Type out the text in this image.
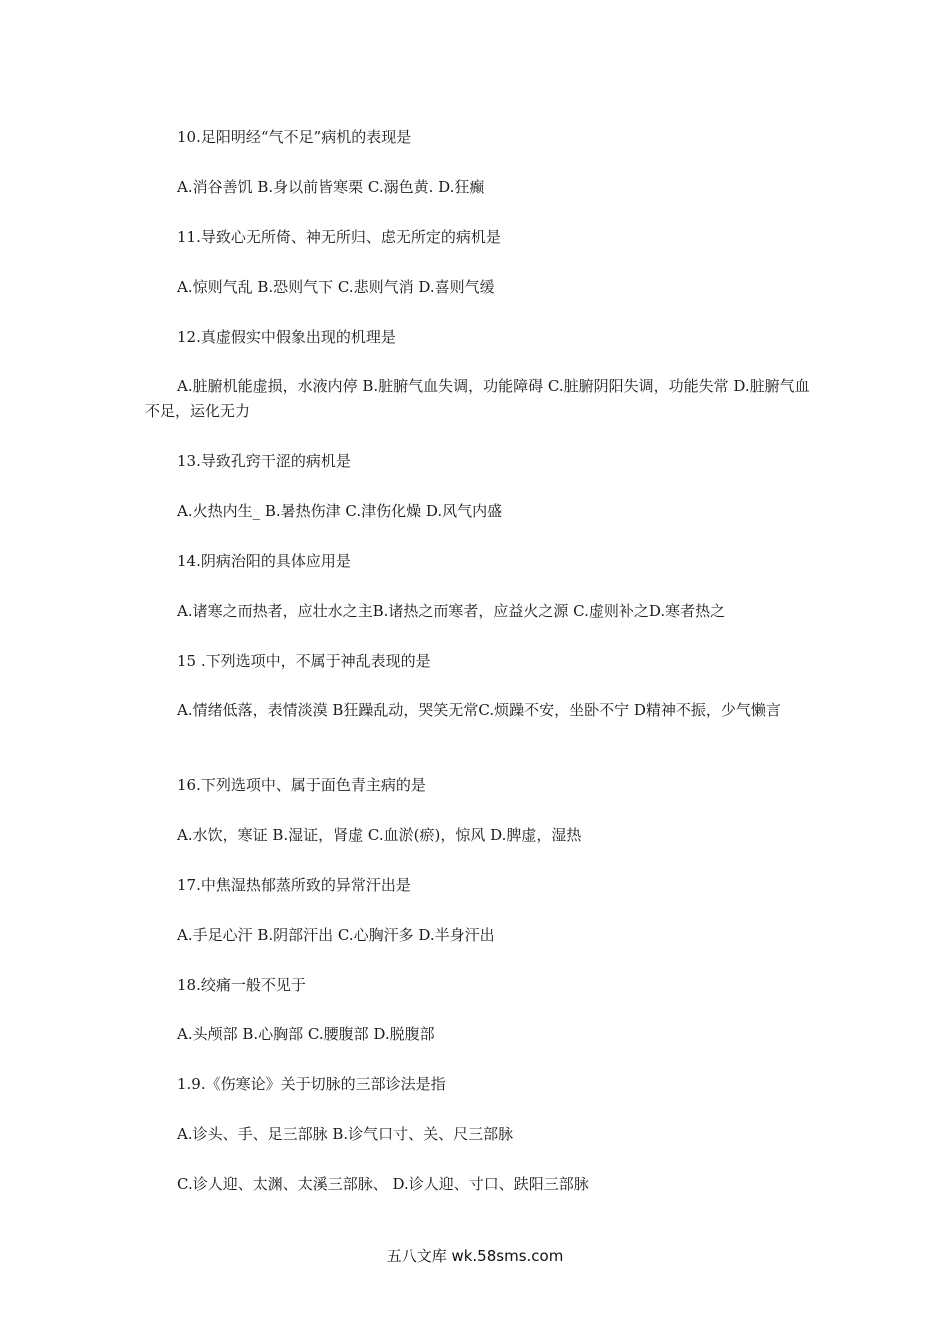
10.足阳明经“气不足”病机的表现是
A.消谷善饥 B.身以前皆寒栗 C.溺色黄. D.狂癫
11.导致心无所倚、神无所归、虑无所定的病机是
A.惊则气乱 B.恐则气下 C.悲则气消 D.喜则气缓
12.真虚假实中假象出现的机理是
A.脏腑机能虚损，水液内停 B.脏腑气血失调，功能障碍 C.脏腑阴阳失调，功能失常 D.脏腑气血不足，运化无力
13.导致孔窍干涩的病机是
A.火热内生_ B.暑热伤津 C.津伤化燥 D.风气内盛
14.阴病治阳的具体应用是
A.诸寒之而热者，应壮水之主B.诸热之而寒者，应益火之源 C.虚则补之D.寒者热之
15 .下列选项中，不属于神乱表现的是
A.情绪低落，表情淡漠 B狂躁乱动，哭笑无常C.烦躁不安，坐卧不宁 D精神不振，少气懒言
16.下列选项中、属于面色青主病的是
A.水饮，寒证 B.湿证，肾虚 C.血淤(瘀)，惊风 D.脾虚，湿热
17.中焦湿热郁蒸所致的异常汗出是
A.手足心汗 B.阴部汗出 C.心胸汗多 D.半身汗出
18.绞痛一般不见于
A.头颅部 B.心胸部 C.腰腹部 D.脱腹部
1.9.《伤寒论》关于切脉的三部诊法是指
A.诊头、手、足三部脉 B.诊气口寸、关、尺三部脉
C.诊人迎、太渊、太溪三部脉、 D.诊人迎、寸口、趺阳三部脉
五八文库 wk.58sms.com
